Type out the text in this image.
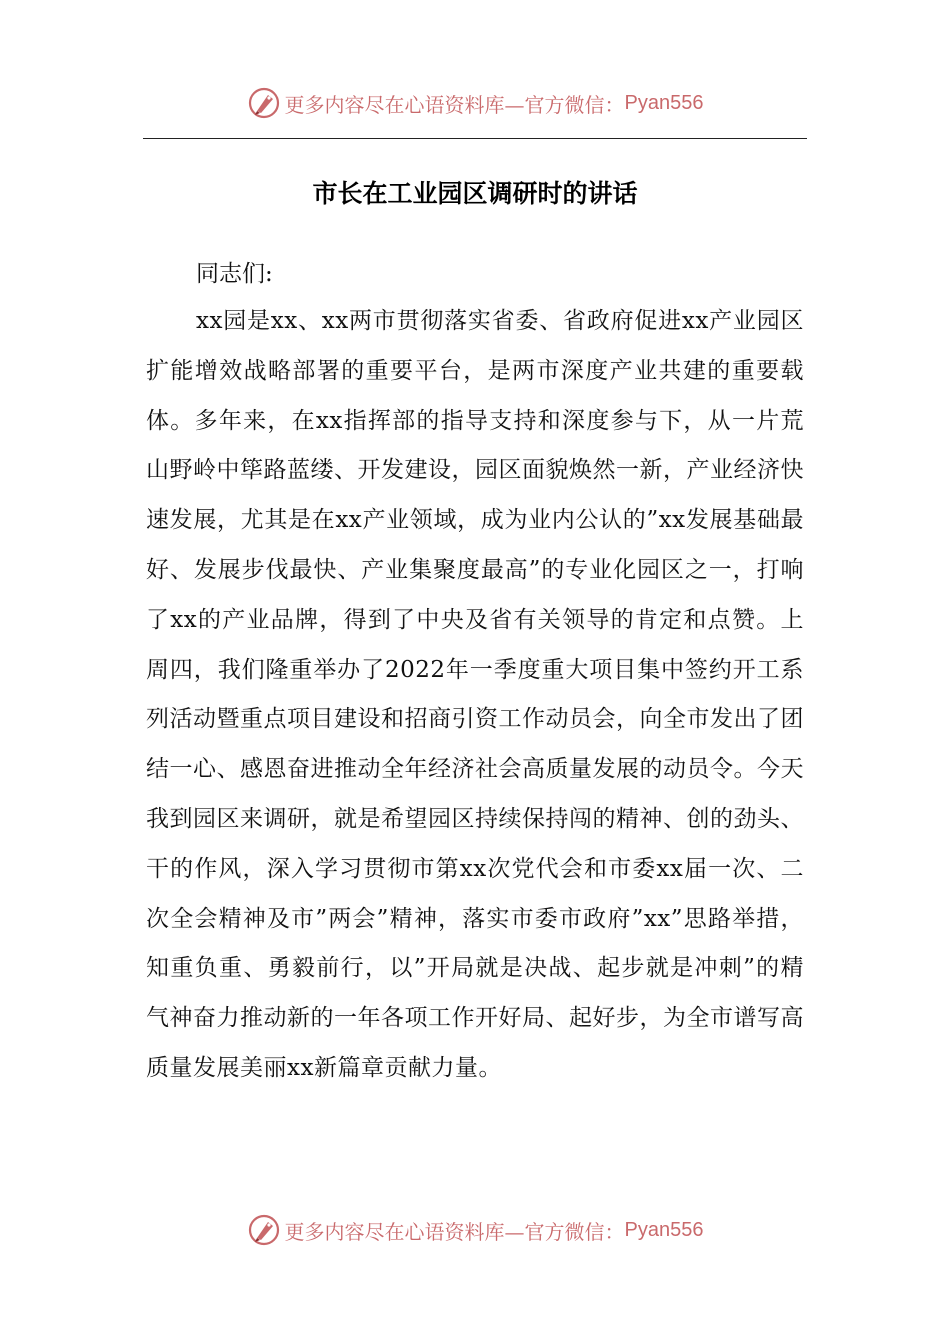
更多内容尽在心语资料库—官方微信： Pyan556
市长在工业园区调研时的讲话
同志们:

xx园是xx、xx两市贯彻落实省委、省政府促进xx产业园区扩能增效战略部署的重要平台，是两市深度产业共建的重要载体。多年来，在xx指挥部的指导支持和深度参与下，从一片荒山野岭中筚路蓝缕、开发建设，园区面貌焕然一新，产业经济快速发展，尤其是在xx产业领域，成为业内公认的”xx发展基础最好、发展步伐最快、产业集聚度最高”的专业化园区之一，打响了xx的产业品牌，得到了中央及省有关领导的肯定和点赞。上周四，我们隆重举办了2022年一季度重大项目集中签约开工系列活动暨重点项目建设和招商引资工作动员会，向全市发出了团结一心、感恩奋进推动全年经济社会高质量发展的动员令。今天我到园区来调研，就是希望园区持续保持闯的精神、创的劲头、干的作风，深入学习贯彻市第xx次党代会和市委xx届一次、二次全会精神及市”两会”精神，落实市委市政府”xx”思路举措，知重负重、勇毅前行，以”开局就是决战、起步就是冲刺”的精气神奋力推动新的一年各项工作开好局、起好步，为全市谱写高质量发展美丽xx新篇章贡献力量。

更多内容尽在心语资料库—官方微信： Pyan556
